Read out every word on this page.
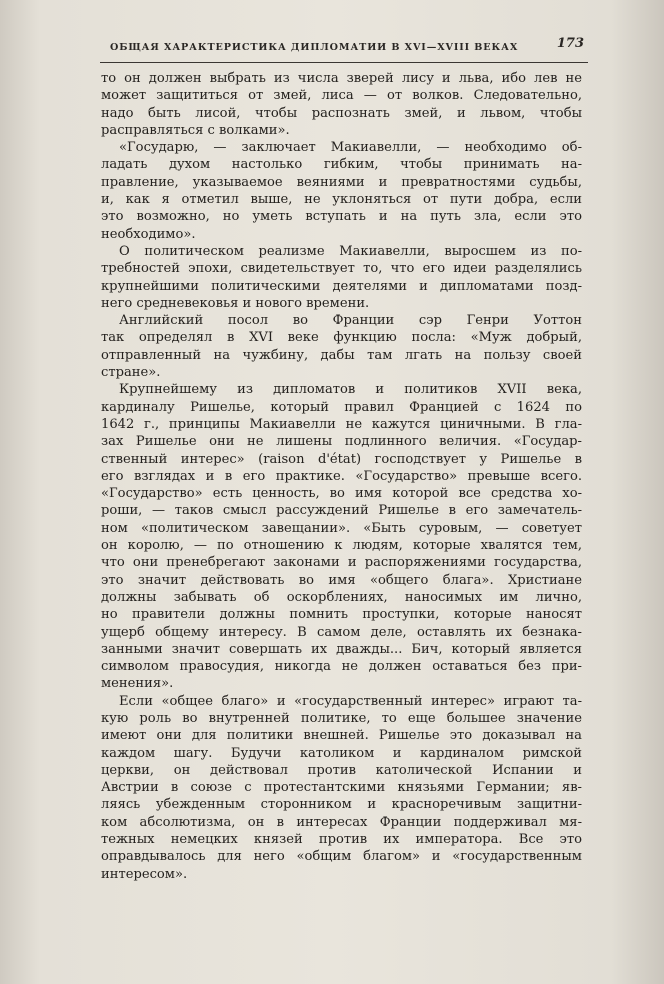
ОБЩАЯ ХАРАКТЕРИСТИКА ДИПЛОМАТИИ В XVI—XVIII ВЕКАХ	173
то он должен выбрать из числа зверей лису и льва, ибо лев не
может защититься от змей, лиса — от волков. Следовательно,
надо быть лисой, чтобы распознать змей, и львом, чтобы
расправляться с волками».
«Государю, — заключает Макиавелли, — необходимо об-
ладать духом настолько гибким, чтобы принимать на-
правление, указываемое веяниями и превратностями судьбы,
и, как я отметил выше, не уклоняться от пути добра, если
это возможно, но уметь вступать и на путь зла, если это
необходимо».
О политическом реализме Макиавелли, выросшем из по-
требностей эпохи, свидетельствует то, что его идеи разделялись
крупнейшими политическими деятелями и дипломатами позд-
него средневековья и нового времени.
Английский посол во Франции сэр Генри Уоттон
так определял в XVI веке функцию посла: «Муж добрый,
отправленный на чужбину, дабы там лгать на пользу своей
стране».
Крупнейшему из дипломатов и политиков XVII века,
кардиналу Ришелье, который правил Францией с 1624 по
1642 г., принципы Макиавелли не кажутся циничными. В гла-
зах Ришелье они не лишены подлинного величия. «Государ-
ственный интерес» (raison d'état) господствует у Ришелье в
его взглядах и в его практике. «Государство» превыше всего.
«Государство» есть ценность, во имя которой все средства хо-
роши, — таков смысл рассуждений Ришелье в его замечатель-
ном «политическом завещании». «Быть суровым, — советует
он королю, — по отношению к людям, которые хвалятся тем,
что они пренебрегают законами и распоряжениями государства,
это значит действовать во имя «общего блага». Христиане
должны забывать об оскорблениях, наносимых им лично,
но правители должны помнить проступки, которые наносят
ущерб общему интересу. В самом деле, оставлять их безнака-
занными значит совершать их дважды... Бич, который является
символом правосудия, никогда не должен оставаться без при-
менения».
Если «общее благо» и «государственный интерес» играют та-
кую роль во внутренней политике, то еще большее значение
имеют они для политики внешней. Ришелье это доказывал на
каждом шагу. Будучи католиком и кардиналом римской
церкви, он действовал против католической Испании и
Австрии в союзе с протестантскими князьями Германии; яв-
ляясь убежденным сторонником и красноречивым защитни-
ком абсолютизма, он в интересах Франции поддерживал мя-
тежных немецких князей против их императора. Все это
оправдывалось для него «общим благом» и «государственным
интересом».
